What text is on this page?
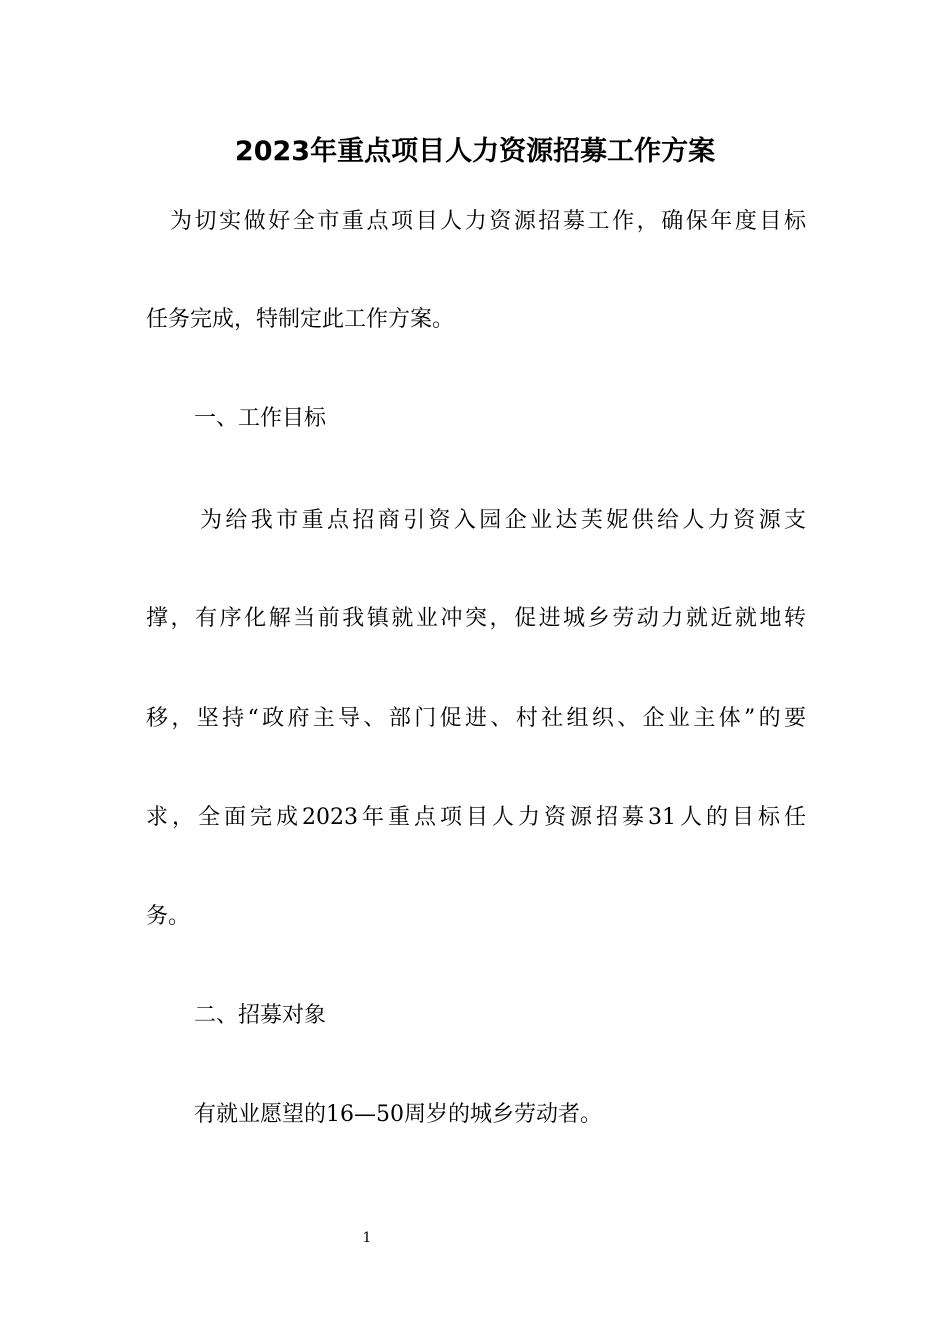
2023年重点项目人力资源招募工作方案
为切实做好全市重点项目人力资源招募工作，确保年度目标
任务完成，特制定此工作方案。
一、工作目标
为给我市重点招商引资入园企业达芙妮供给人力资源支
撑，有序化解当前我镇就业冲突，促进城乡劳动力就近就地转
移，坚持“政府主导、部门促进、村社组织、企业主体”的要
求，全面完成2023年重点项目人力资源招募31人的目标任
务。
二、招募对象
有就业愿望的16—50周岁的城乡劳动者。
1
